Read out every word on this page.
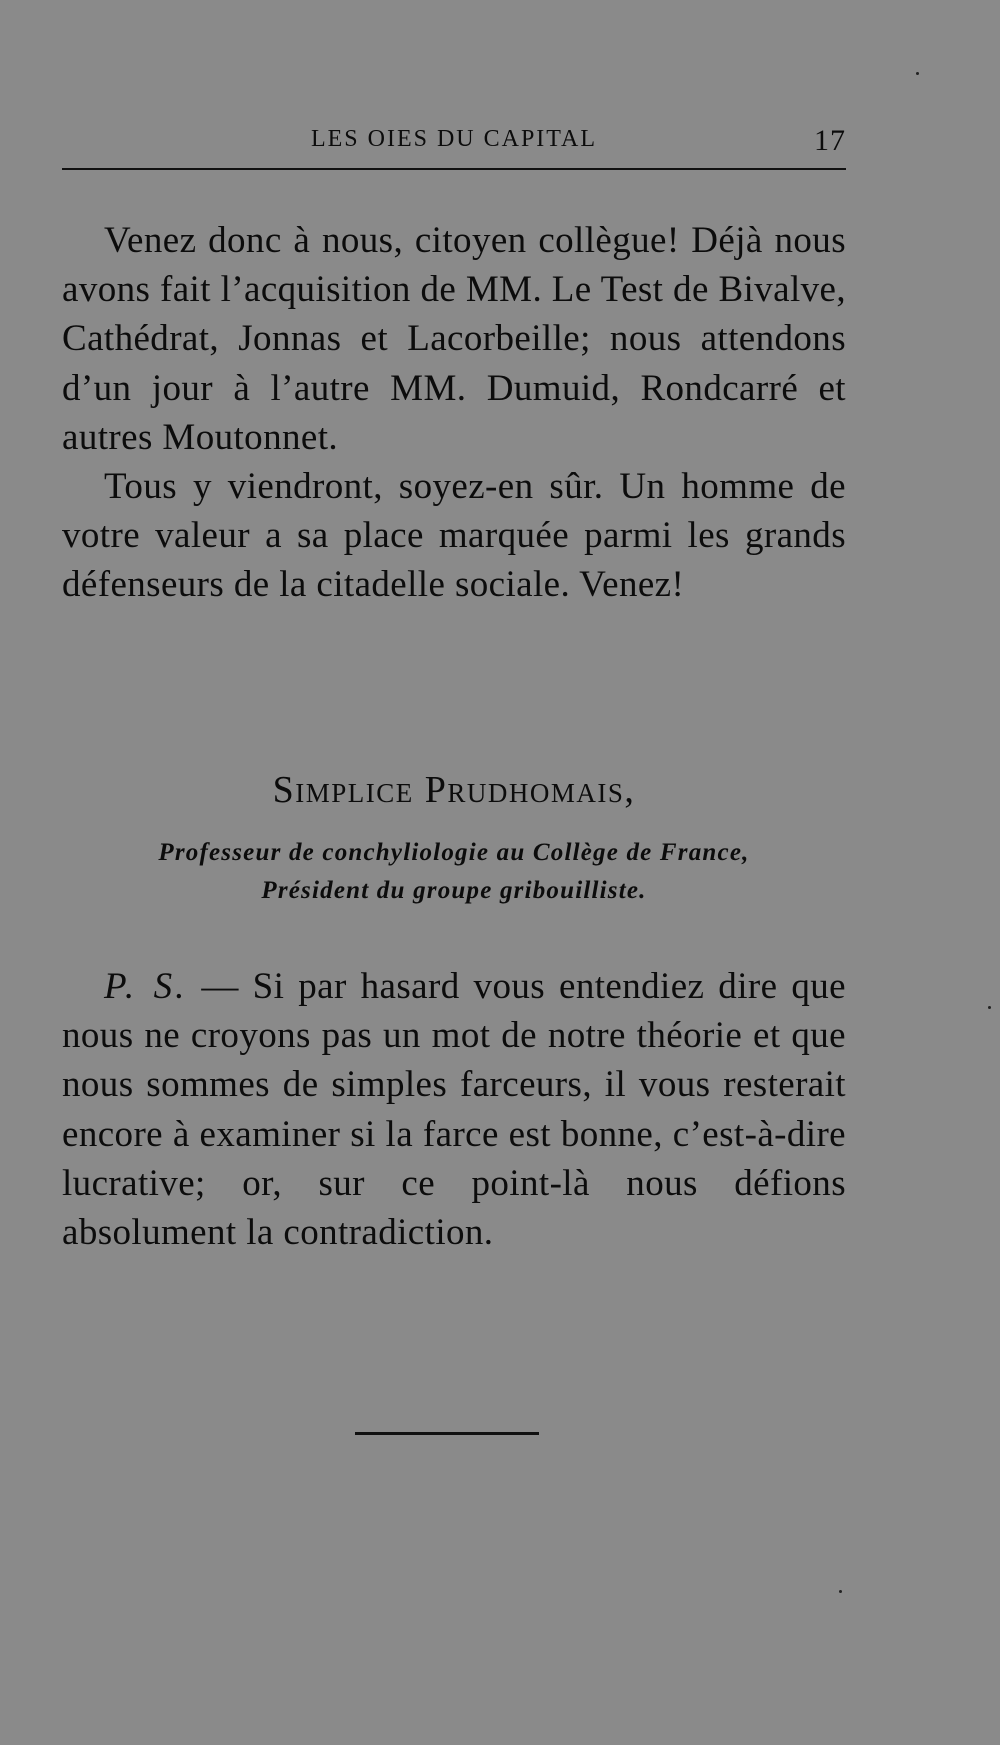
LES OIES DU CAPITAL	17

Venez donc à nous, citoyen collègue! Déjà nous avons fait l’acquisition de MM. Le Test de Bivalve, Cathédrat, Jonnas et Lacorbeille; nous attendons d’un jour à l’autre MM. Dumuid, Rondcarré et autres Moutonnet.

Tous y viendront, soyez-en sûr. Un homme de votre valeur a sa place marquée parmi les grands défenseurs de la citadelle sociale. Venez!

Simplice Prudhomais,
Professeur de conchyliologie au Collège de France,
Président du groupe gribouilliste.

P. S. — Si par hasard vous entendiez dire que nous ne croyons pas un mot de notre théorie et que nous sommes de simples farceurs, il vous resterait encore à examiner si la farce est bonne, c’est-à-dire lucrative; or, sur ce point-là nous défions absolument la contradiction.
